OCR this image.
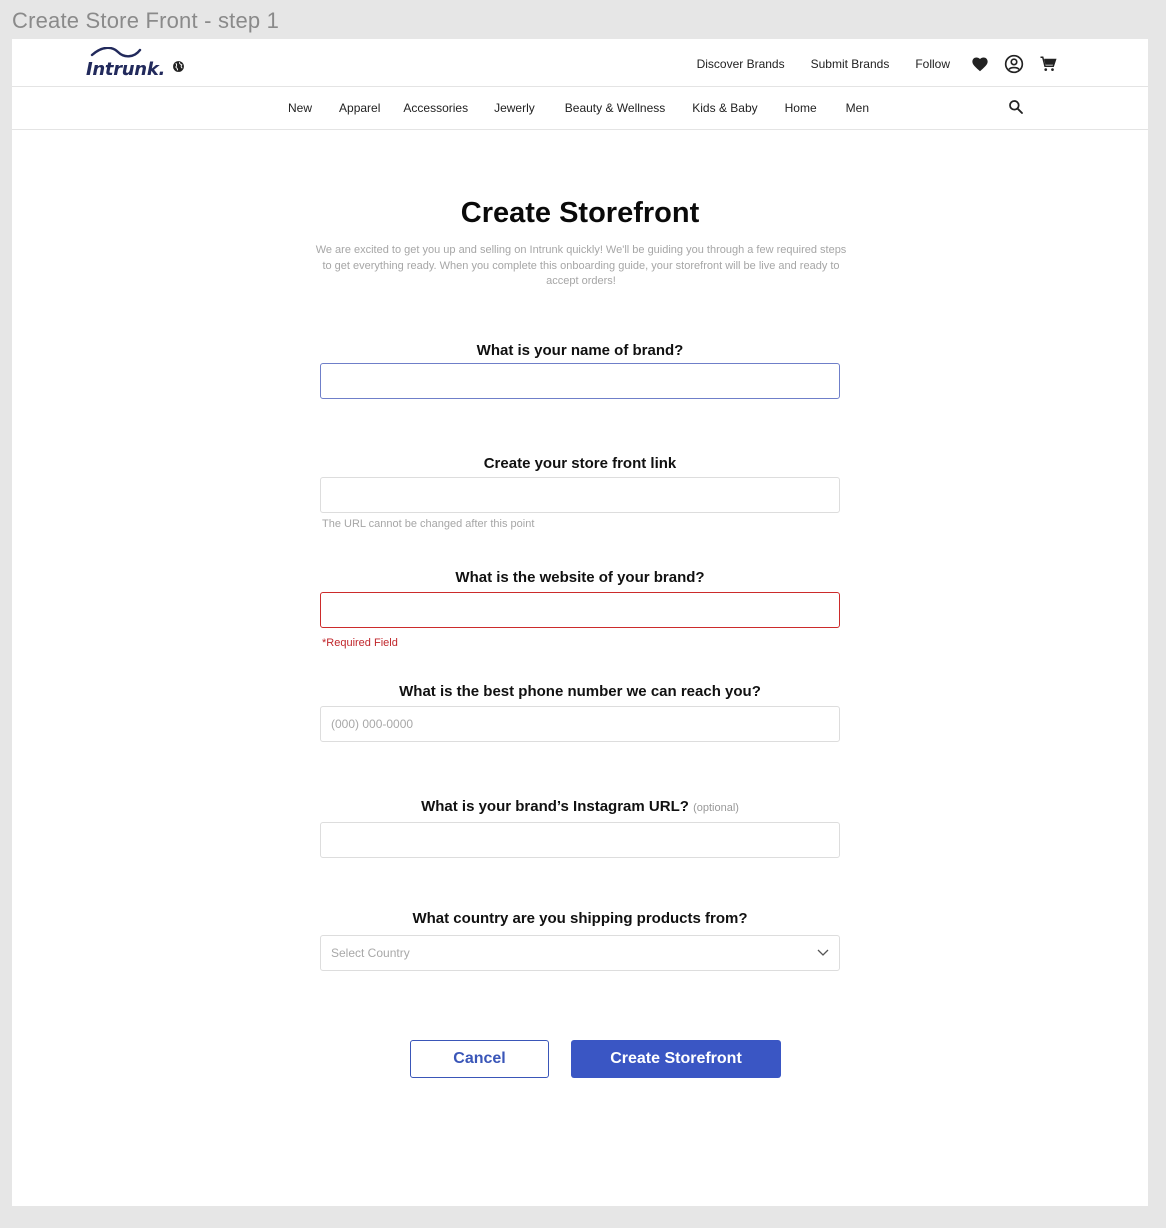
Create Store Front - step 1
Intrunk.	Discover Brands Submit Brands Follow
New Apparel Accessories Jewerly	Beauty & Wellness Kids & Baby Home Men
Create Storefront
We are excited to get you up and selling on Intrunk quickly! We'll be guiding you through a few required steps to get everything ready. When you complete this onboarding guide, your storefront will be live and ready to accept orders!
What is your name of brand?
Create your store front link
The URL cannot be changed after this point
What is the website of your brand?
*Required Field
What is the best phone number we can reach you?
(000) 000-0000
What is your brand’s Instagram URL? (optional)
What country are you shipping products from?
Select Country
Cancel	Create Storefront
